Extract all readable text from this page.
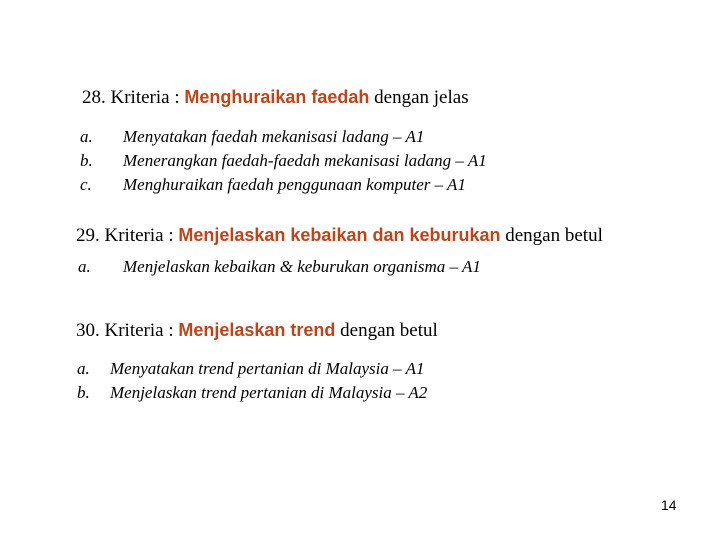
28. Kriteria : Menghuraikan faedah dengan jelas

a. Menyatakan faedah mekanisasi ladang – A1
b. Menerangkan faedah-faedah mekanisasi ladang – A1
c. Menghuraikan faedah penggunaan komputer – A1

29. Kriteria : Menjelaskan kebaikan dan keburukan dengan betul

a. Menjelaskan kebaikan & keburukan organisma – A1

30. Kriteria : Menjelaskan trend dengan betul

a. Menyatakan trend pertanian di Malaysia – A1
b. Menjelaskan trend pertanian di Malaysia – A2
14
